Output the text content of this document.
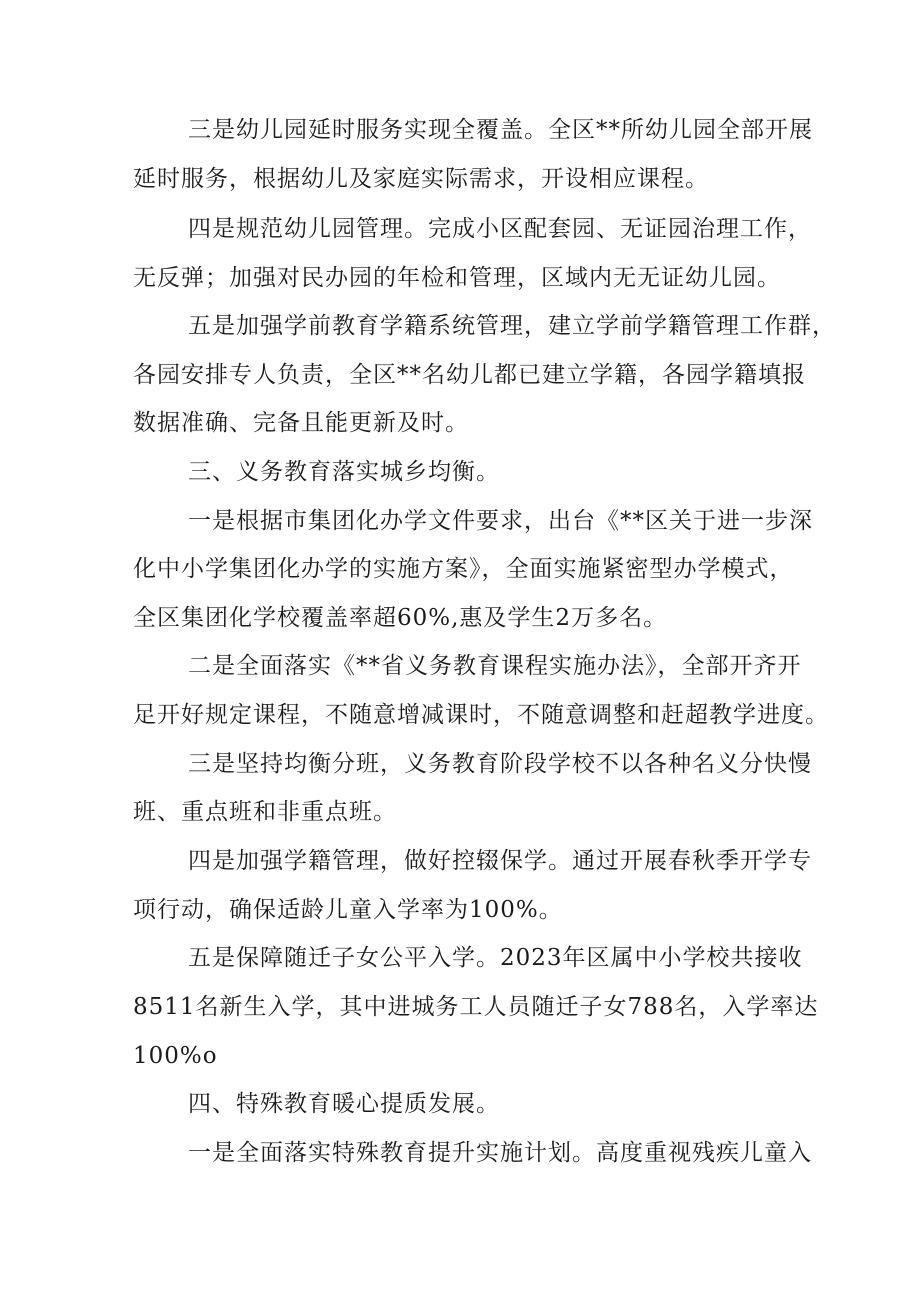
三是幼儿园延时服务实现全覆盖。全区**所幼儿园全部开展
延时服务，根据幼儿及家庭实际需求，开设相应课程。
四是规范幼儿园管理。完成小区配套园、无证园治理工作，
无反弹；加强对民办园的年检和管理，区域内无无证幼儿园。
五是加强学前教育学籍系统管理，建立学前学籍管理工作群，
各园安排专人负责，全区**名幼儿都已建立学籍，各园学籍填报
数据准确、完备且能更新及时。
三、义务教育落实城乡均衡。
一是根据市集团化办学文件要求，出台《**区关于进一步深
化中小学集团化办学的实施方案》，全面实施紧密型办学模式，
全区集团化学校覆盖率超60%,惠及学生2万多名。
二是全面落实《**省义务教育课程实施办法》，全部开齐开
足开好规定课程，不随意增减课时，不随意调整和赶超教学进度。
三是坚持均衡分班，义务教育阶段学校不以各种名义分快慢
班、重点班和非重点班。
四是加强学籍管理，做好控辍保学。通过开展春秋季开学专
项行动，确保适龄儿童入学率为100%。
五是保障随迁子女公平入学。2023年区属中小学校共接收
8511名新生入学，其中进城务工人员随迁子女788名，入学率达
100%o
四、特殊教育暖心提质发展。
一是全面落实特殊教育提升实施计划。高度重视残疾儿童入
